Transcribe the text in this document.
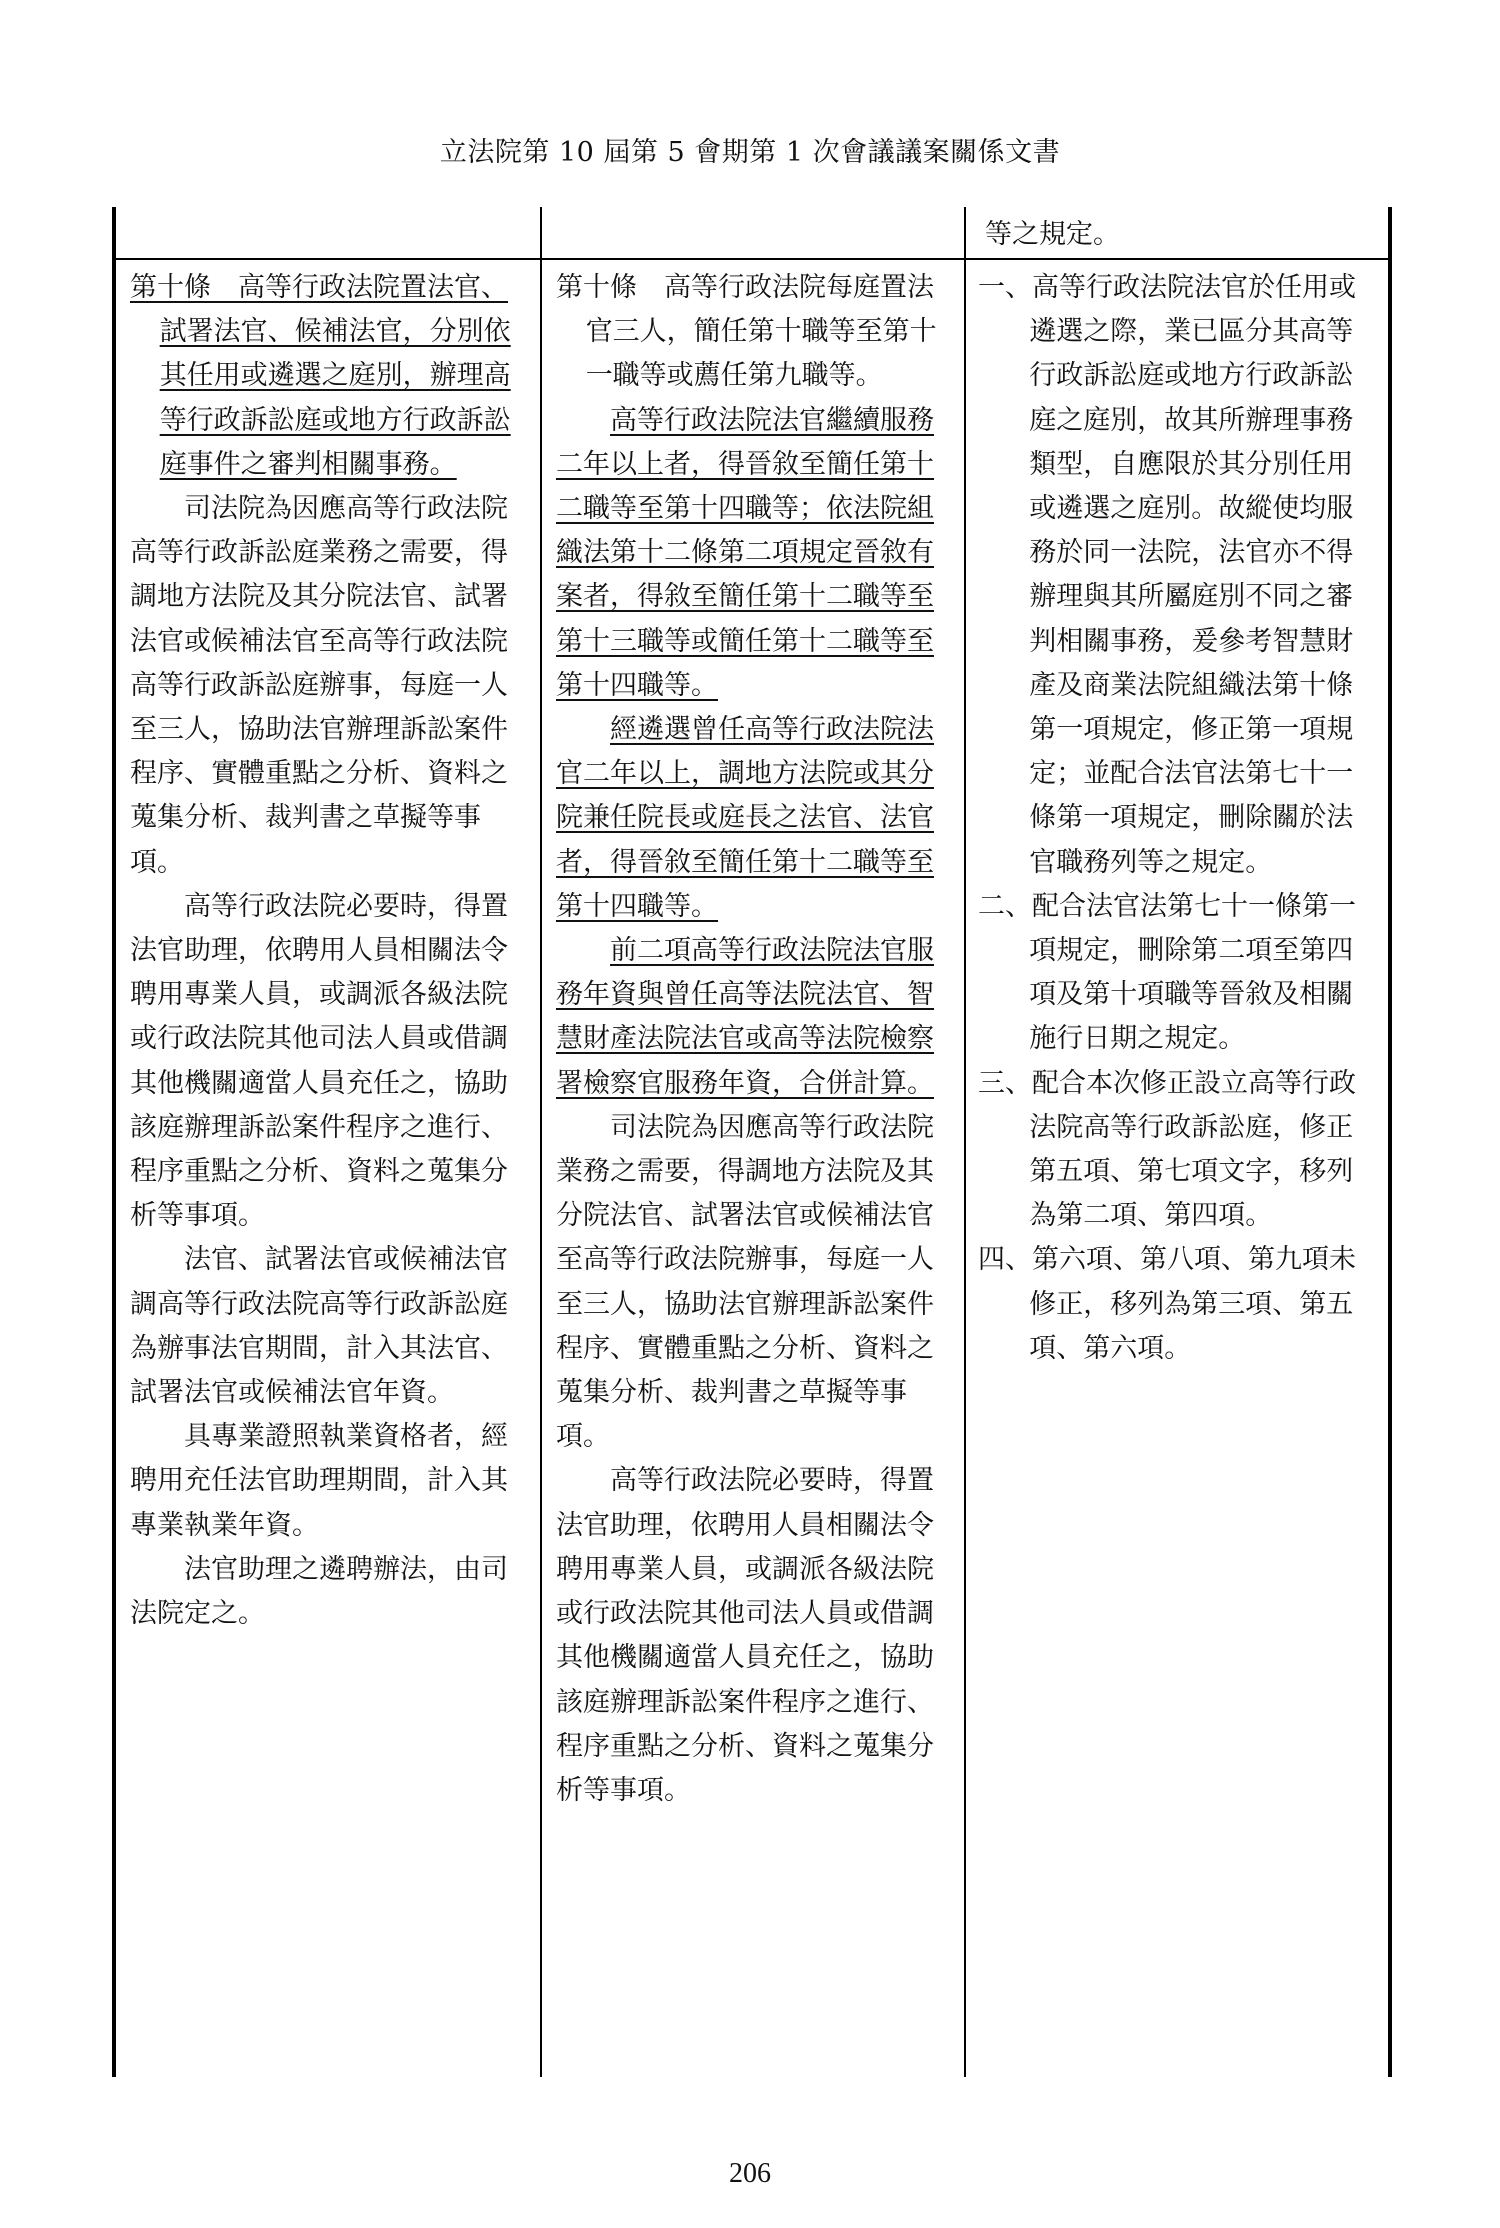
立法院第 10 屆第 5 會期第 1 次會議議案關係文書
等之規定。

第十條　高等行政法院置法官、試署法官、候補法官，分別依其任用或遴選之庭別，辦理高等行政訴訟庭或地方行政訴訟庭事件之審判相關事務。

司法院為因應高等行政法院高等行政訴訟庭業務之需要，得調地方法院及其分院法官、試署法官或候補法官至高等行政法院高等行政訴訟庭辦事，每庭一人至三人，協助法官辦理訴訟案件程序、實體重點之分析、資料之蒐集分析、裁判書之草擬等事項。

高等行政法院必要時，得置法官助理，依聘用人員相關法令聘用專業人員，或調派各級法院或行政法院其他司法人員或借調其他機關適當人員充任之，協助該庭辦理訴訟案件程序之進行、程序重點之分析、資料之蒐集分析等事項。

法官、試署法官或候補法官調高等行政法院高等行政訴訟庭為辦事法官期間，計入其法官、試署法官或候補法官年資。

具專業證照執業資格者，經聘用充任法官助理期間，計入其專業執業年資。

法官助理之遴聘辦法，由司法院定之。

第十條　高等行政法院每庭置法官三人，簡任第十職等至第十一職等或薦任第九職等。

高等行政法院法官繼續服務二年以上者，得晉敘至簡任第十二職等至第十四職等；依法院組織法第十二條第二項規定晉敘有案者，得敘至簡任第十二職等至第十三職等或簡任第十二職等至第十四職等。

經遴選曾任高等行政法院法官二年以上，調地方法院或其分院兼任院長或庭長之法官、法官者，得晉敘至簡任第十二職等至第十四職等。

前二項高等行政法院法官服務年資與曾任高等法院法官、智慧財產法院法官或高等法院檢察署檢察官服務年資，合併計算。

司法院為因應高等行政法院業務之需要，得調地方法院及其分院法官、試署法官或候補法官至高等行政法院辦事，每庭一人至三人，協助法官辦理訴訟案件程序、實體重點之分析、資料之蒐集分析、裁判書之草擬等事項。

高等行政法院必要時，得置法官助理，依聘用人員相關法令聘用專業人員，或調派各級法院或行政法院其他司法人員或借調其他機關適當人員充任之，協助該庭辦理訴訟案件程序之進行、程序重點之分析、資料之蒐集分析等事項。

一、高等行政法院法官於任用或遴選之際，業已區分其高等行政訴訟庭或地方行政訴訟庭之庭別，故其所辦理事務類型，自應限於其分別任用或遴選之庭別。故縱使均服務於同一法院，法官亦不得辦理與其所屬庭別不同之審判相關事務，爰參考智慧財產及商業法院組織法第十條第一項規定，修正第一項規定；並配合法官法第七十一條第一項規定，刪除關於法官職務列等之規定。

二、配合法官法第七十一條第一項規定，刪除第二項至第四項及第十項職等晉敘及相關施行日期之規定。

三、配合本次修正設立高等行政法院高等行政訴訟庭，修正第五項、第七項文字，移列為第二項、第四項。

四、第六項、第八項、第九項未修正，移列為第三項、第五項、第六項。

206
